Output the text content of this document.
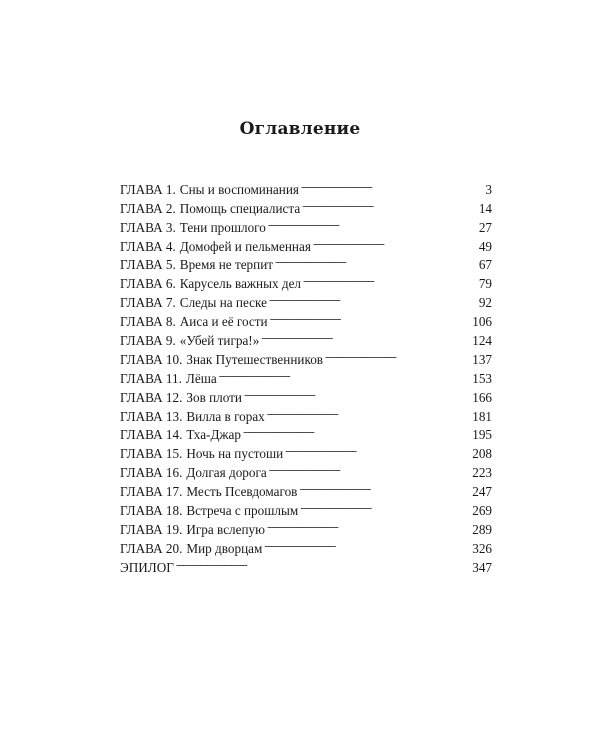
Оглавление
ГЛАВА 1. Сны и воспоминания . . .	3
ГЛАВА 2. Помощь специалиста . . .	14
ГЛАВА 3. Тени прошлого . . .	27
ГЛАВА 4. Домофей и пельменная . . .	49
ГЛАВА 5. Время не терпит . . .	67
ГЛАВА 6. Карусель важных дел . . .	79
ГЛАВА 7. Следы на песке . . .	92
ГЛАВА 8. Аиса и её гости . . .	106
ГЛАВА 9. «Убей тигра!» . . .	124
ГЛАВА 10. Знак Путешественников . . .	137
ГЛАВА 11. Лёша . . .	153
ГЛАВА 12. Зов плоти . . .	166
ГЛАВА 13. Вилла в горах . . .	181
ГЛАВА 14. Тха-Джар . . .	195
ГЛАВА 15. Ночь на пустоши . . .	208
ГЛАВА 16. Долгая дорога . . .	223
ГЛАВА 17. Месть Псевдомагов . . .	247
ГЛАВА 18. Встреча с прошлым . . .	269
ГЛАВА 19. Игра вслепую . . .	289
ГЛАВА 20. Мир дворцам . . .	326
ЭПИЛОГ . . .	347
